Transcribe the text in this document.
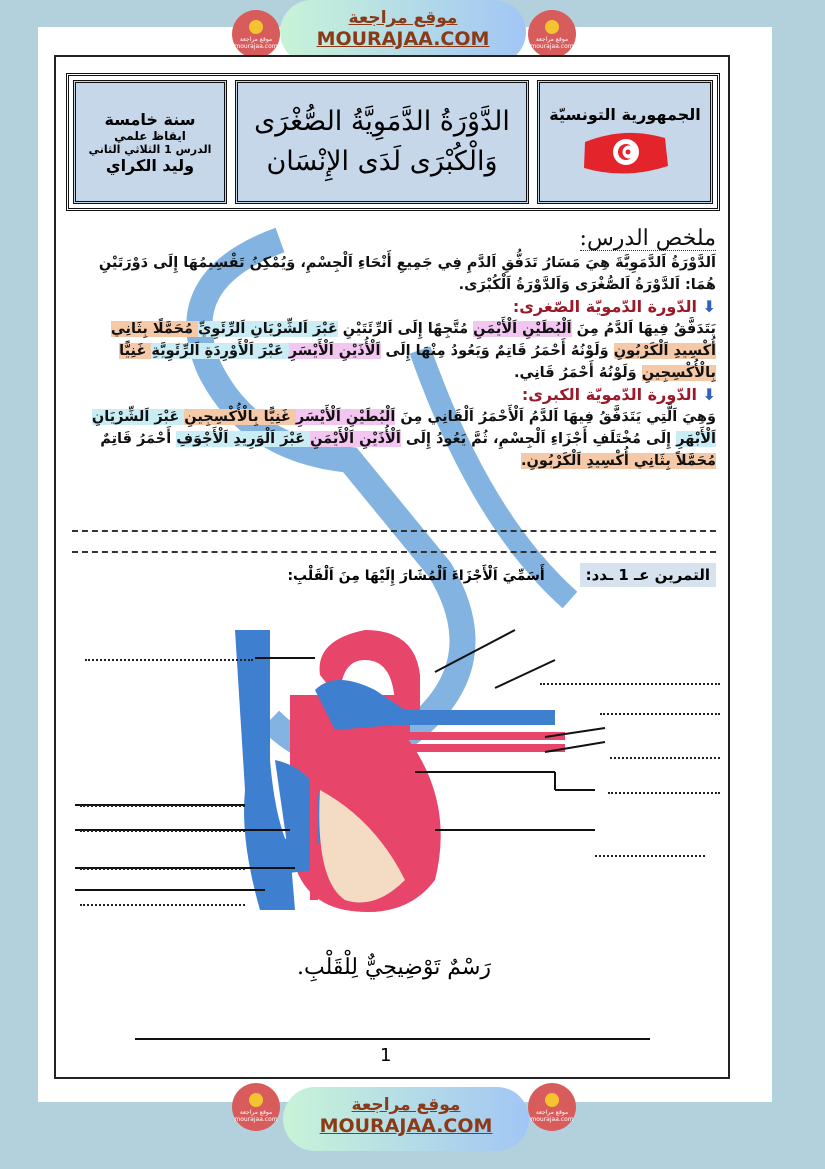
موقع مراجعة
MOURAJAA.COM
موقع مراجعة mourajaa.com
موقع مراجعة mourajaa.com
الجمهورية التونسيّة
الدَّوْرَةُ الدَّمَوِيَّةُ الصُّغْرَى
وَالْكُبْرَى لَدَى الإِنْسَان
سنة خامسة
ايقاظ علمي
الدرس 1 الثلاثي الثاني
وليد الكراي
ملخص الدرس:
اَلدَّوْرَةُ اَلدَّمَوِيَّةَ هِيَ مَسَارُ تَدَفُّقِ اَلدَّمِ فِي جَمِيعِ أَنْحَاءِ اَلْجِسْمِ، وَيُمْكِنُ تَقْسِيمُهَا إِلَى دَوْرَتَيْنِ هُمَا: اَلدَّوْرَةُ اَلصُّغْرَى وَاَلدَّوْرَةُ اَلْكُبْرَى.
⬇ الدّورة الدّمويّة الصّغرى:
يَتَدَفَّقُ فِيهَا اَلدَّمُ مِنَ اَلْبُطَيْنِ اَلْأَيْمَنِ مُتَّجِهًا إِلَى اَلرِّئَتَيْنِ عَبْرَ اَلشِّرْيَانِ اَلرِّئَوِيِّ مُحَمَّلًا بِثَانِي أُكْسِيدِ اَلْكَرْبُونِ وَلَوْنُهُ أَحْمَرُ قَاتِمٌ وَيَعُودُ مِنْهَا إِلَى اَلْأُذَيْنِ اَلْأَيْسَرِ عَبْرَ اَلْأَوْرِدَةِ اَلرِّئَوِيَّةِ غَنِيًّا بِالْأُكْسِجِينِ وَلَوْنُهُ أَحْمَرُ قَانِي.
⬇ الدّورة الدّمويّة الكبرى:
وَهِيَ اَلَّتِي يَتَدَفَّقُ فِيهَا اَلدَّمُ اَلْأَحْمَرُ اَلْقَانِي مِنَ اَلْبُطَيْنِ اَلْأَيْسَرِ غَنِيًّا بِالْأُكْسِجِينِ عَبْرَ اَلشِّرْيَانِ اَلْأَبْهَرِ إِلَى مُخْتَلَفِ أَجْزَاءِ اَلْجِسْمِ، ثُمَّ يَعُودُ إِلَى اَلْأُذَيْنِ اَلْأَيْمَنِ عَبْرَ اَلْوَرِيدِ اَلْأَجْوَفِ أَحْمَرُ قَاتِمٌ مُحَمَّلاً بِثَانِي أُكْسِيدِ اَلْكَرْبُونِ.
التمرين عـ 1 ـدد: أَسَمِّيَ اَلْأَجْزَاءَ اَلْمُشَارَ إِلَيْهَا مِنَ اَلْقَلْبِ:
رَسْمٌ تَوْضِيحِيٌّ لِلْقَلْبِ.
1
موقع مراجعة
MOURAJAA.COM
موقع مراجعة mourajaa.com
موقع مراجعة mourajaa.com
